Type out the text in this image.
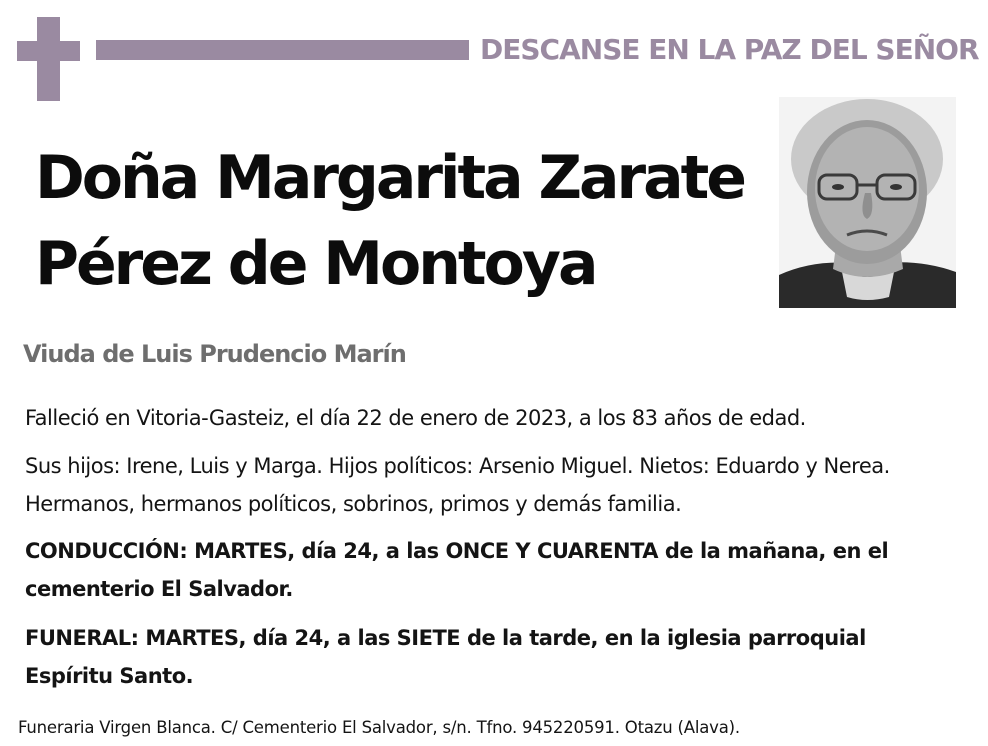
DESCANSE EN LA PAZ DEL SEÑOR
Doña Margarita Zarate
Pérez de Montoya
Viuda de Luis Prudencio Marín
Falleció en Vitoria-Gasteiz, el día 22 de enero de 2023, a los 83 años de edad.
Sus hijos: Irene, Luis y Marga. Hijos políticos: Arsenio Miguel. Nietos: Eduardo y Nerea. Hermanos, hermanos políticos, sobrinos, primos y demás familia.
CONDUCCIÓN: MARTES, día 24, a las ONCE Y CUARENTA de la mañana, en el cementerio El Salvador.
FUNERAL: MARTES, día 24, a las SIETE de la tarde, en la iglesia parroquial Espíritu Santo.
Funeraria Virgen Blanca. C/ Cementerio El Salvador, s/n. Tfno. 945220591. Otazu (Alava).
